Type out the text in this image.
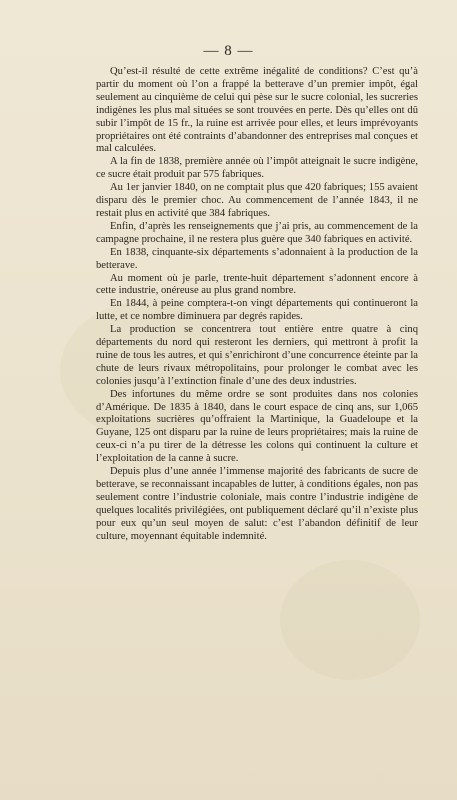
— 8 —

Qu’est-il résulté de cette extrême inégalité de conditions? C’est qu’à partir du moment où l’on a frappé la betterave d’un premier impôt, égal seulement au cinquième de celui qui pèse sur le sucre colonial, les sucreries indigènes les plus mal situées se sont trouvées en perte. Dès qu’elles ont dû subir l’impôt de 15 fr., la ruine est arrivée pour elles, et leurs imprévoyants propriétaires ont été contraints d’abandonner des entreprises mal conçues et mal calculées.

A la fin de 1838, première année où l’impôt atteignait le sucre indigène, ce sucre était produit par 575 fabriques.

Au 1er janvier 1840, on ne comptait plus que 420 fabriques; 155 avaient disparu dès le premier choc. Au commencement de l’année 1843, il ne restait plus en activité que 384 fabriques.

Enfin, d’après les renseignements que j’ai pris, au commencement de la campagne prochaine, il ne restera plus guère que 340 fabriques en activité.

En 1838, cinquante-six départements s’adonnaient à la production de la betterave.

Au moment où je parle, trente-huit département s’adonnent encore à cette industrie, onéreuse au plus grand nombre.

En 1844, à peine comptera-t-on vingt départements qui continueront la lutte, et ce nombre diminuera par degrés rapides.

La production se concentrera tout entière entre quatre à cinq départements du nord qui resteront les derniers, qui mettront à profit la ruine de tous les autres, et qui s’enrichiront d’une concurrence éteinte par la chute de leurs rivaux métropolitains, pour prolonger le combat avec les colonies jusqu’à l’extinction finale d’une des deux industries.

Des infortunes du même ordre se sont produites dans nos colonies d’Amérique. De 1835 à 1840, dans le court espace de cinq ans, sur 1,065 exploitations sucrières qu’offraient la Martinique, la Guadeloupe et la Guyane, 125 ont disparu par la ruine de leurs propriétaires; mais la ruine de ceux-ci n’a pu tirer de la détresse les colons qui continuent la culture et l’exploitation de la canne à sucre.

Depuis plus d’une année l’immense majorité des fabricants de sucre de betterave, se reconnaissant incapables de lutter, à conditions égales, non pas seulement contre l’industrie coloniale, mais contre l’industrie indigène de quelques localités privilégiées, ont publiquement déclaré qu’il n’existe plus pour eux qu’un seul moyen de salut: c’est l’abandon définitif de leur culture, moyennant équitable indemnité.
